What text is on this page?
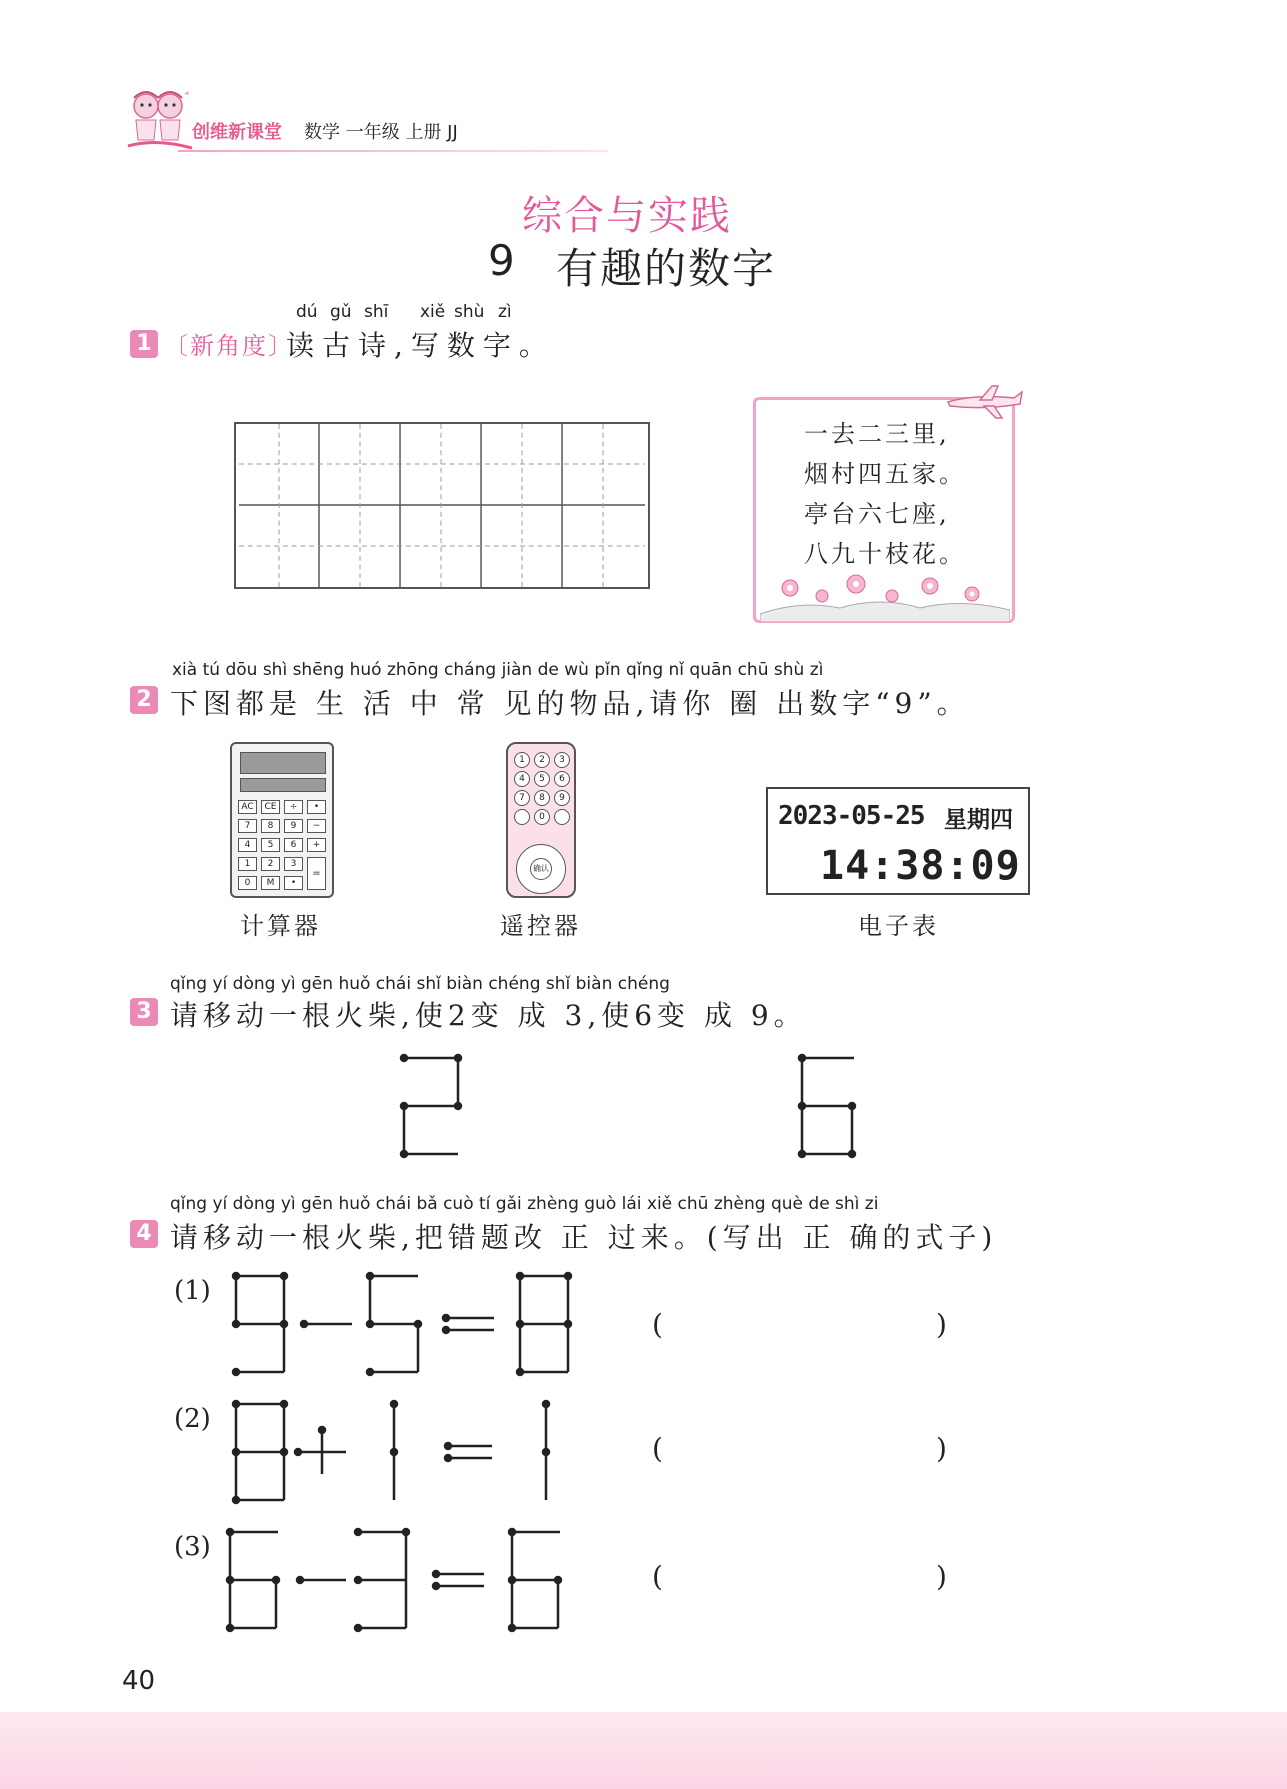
创维新课堂 数学 一年级 上册 JJ
综合与实践
9 有趣的数字
dú gǔ shī xiě shù zì
1 〔新角度〕
读古诗,写数字。
一去二三里,
烟村四五家。
亭台六七座,
八九十枝花。
xià tú dōu shì shēng huó zhōng cháng jiàn de wù pǐn qǐng nǐ quān chū shù zì
2 下图都是 生 活 中 常 见的物品,请你 圈 出数字“9”。
AC	CE	÷	•
7	8	9	−
4	5	6	+
1	2	3
0	M	•
=
计算器
1	2	3
4	5	6
7	8	9
0
确认
遥控器
2023-05-25 星期四
14:38:09
电子表
qǐng yí dòng yì gēn huǒ chái shǐ biàn chéng shǐ biàn chéng
3 请移动一根火柴,使2变 成 3,使6变 成 9。
qǐng yí dòng yì gēn huǒ chái bǎ cuò tí gǎi zhèng guò lái xiě chū zhèng què de shì zi
4 请移动一根火柴,把错题改 正 过来。(写出 正 确的式子)
(1)
(	)
(2)
(	)
(3)
(	)
40
